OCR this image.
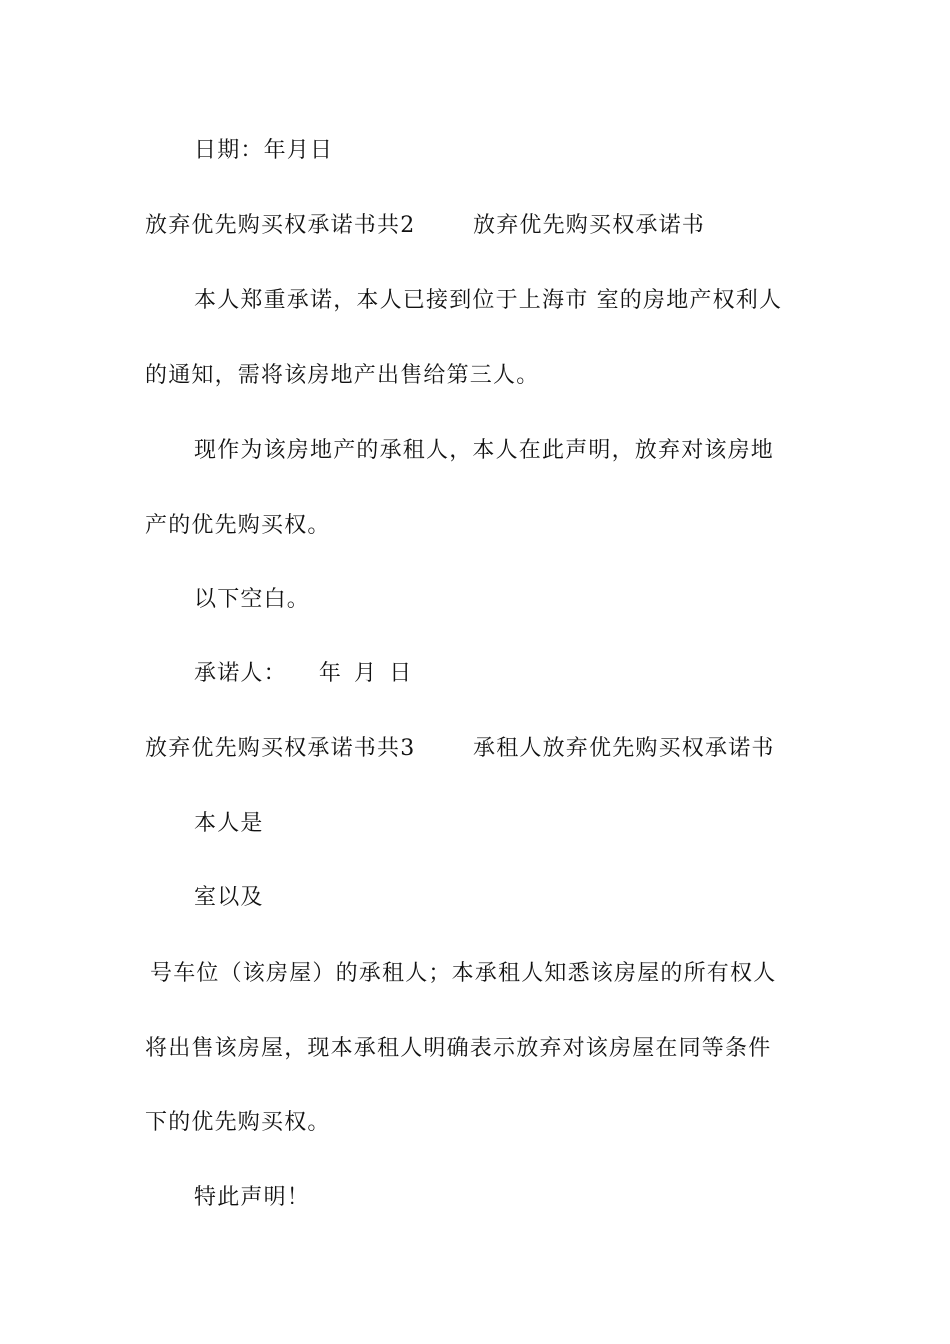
日期：年月日
放弃优先购买权承诺书共2	放弃优先购买权承诺书
本人郑重承诺，本人已接到位于上海市 室的房地产权利人
的通知，需将该房地产出售给第三人。
现作为该房地产的承租人，本人在此声明，放弃对该房地
产的优先购买权。
以下空白。
承诺人： 年 月 日
放弃优先购买权承诺书共3	承租人放弃优先购买权承诺书
本人是
室以及
号车位（该房屋）的承租人；本承租人知悉该房屋的所有权人
将出售该房屋，现本承租人明确表示放弃对该房屋在同等条件
下的优先购买权。
特此声明！
